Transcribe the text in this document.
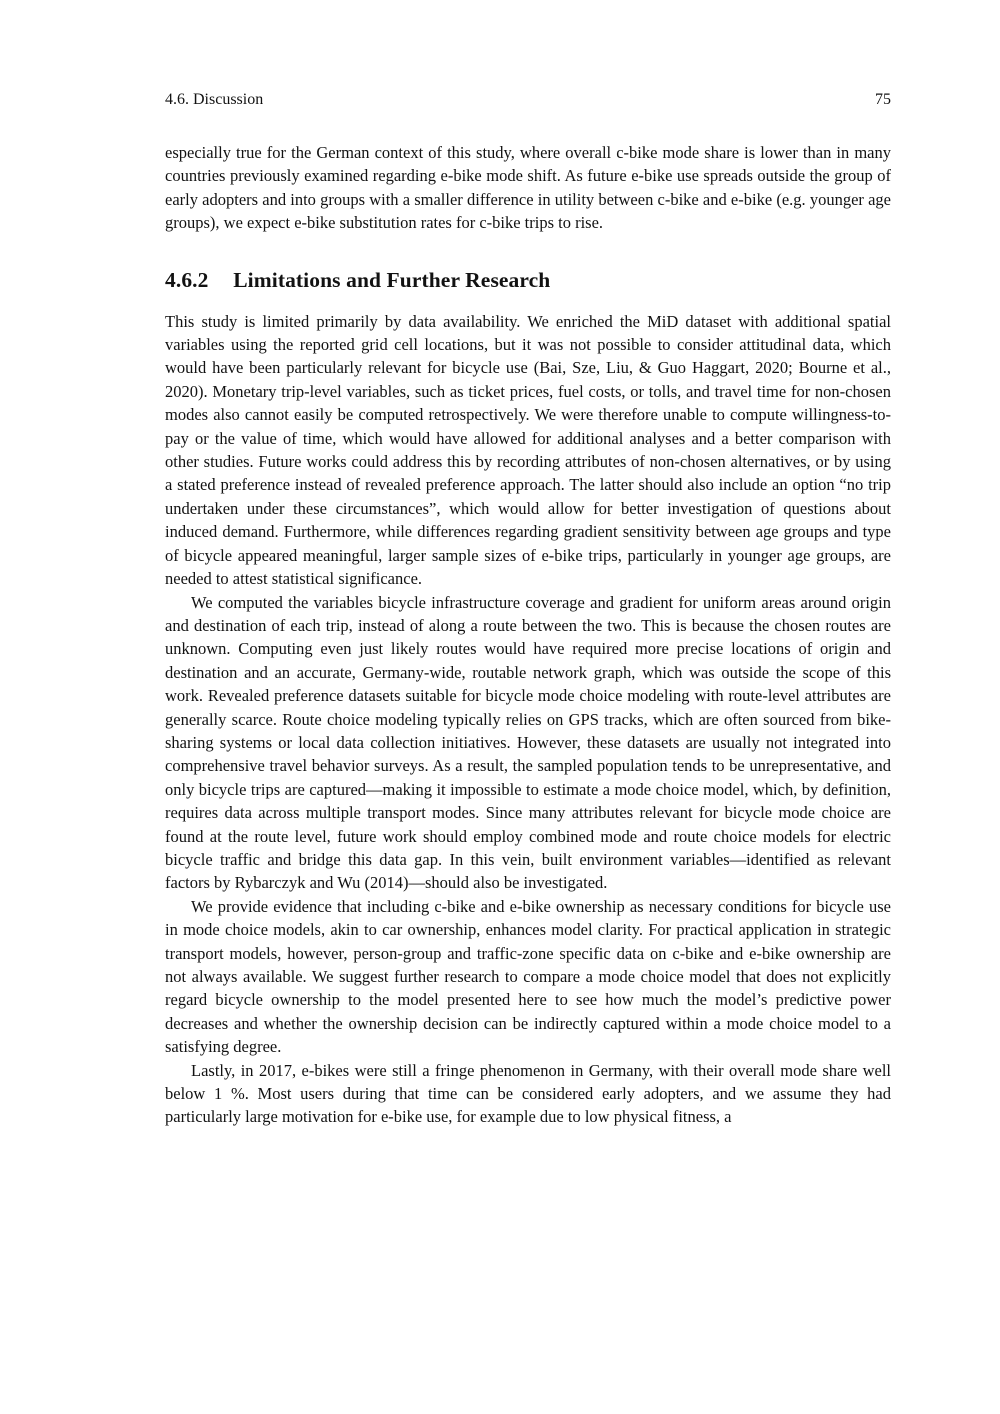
4.6. Discussion	75

especially true for the German context of this study, where overall c-bike mode share is lower than in many countries previously examined regarding e-bike mode shift. As future e-bike use spreads outside the group of early adopters and into groups with a smaller difference in utility between c-bike and e-bike (e.g. younger age groups), we expect e-bike substitution rates for c-bike trips to rise.

4.6.2 Limitations and Further Research

This study is limited primarily by data availability. We enriched the MiD dataset with additional spatial variables using the reported grid cell locations, but it was not possible to consider attitudinal data, which would have been particularly relevant for bicycle use (Bai, Sze, Liu, & Guo Haggart, 2020; Bourne et al., 2020). Monetary trip-level variables, such as ticket prices, fuel costs, or tolls, and travel time for non-chosen modes also cannot easily be computed retrospectively. We were therefore unable to compute willingness-to-pay or the value of time, which would have allowed for additional analyses and a better comparison with other studies. Future works could address this by recording attributes of non-chosen alternatives, or by using a stated preference instead of revealed preference approach. The latter should also include an option “no trip undertaken under these circumstances”, which would allow for better investigation of questions about induced demand. Furthermore, while differences regarding gradient sensitivity between age groups and type of bicycle appeared meaningful, larger sample sizes of e-bike trips, particularly in younger age groups, are needed to attest statistical significance.

We computed the variables bicycle infrastructure coverage and gradient for uniform areas around origin and destination of each trip, instead of along a route between the two. This is because the chosen routes are unknown. Computing even just likely routes would have required more precise locations of origin and destination and an accurate, Germany-wide, routable network graph, which was outside the scope of this work. Revealed preference datasets suitable for bicycle mode choice modeling with route-level attributes are generally scarce. Route choice modeling typically relies on GPS tracks, which are often sourced from bike-sharing systems or local data collection initiatives. However, these datasets are usually not integrated into comprehensive travel behavior surveys. As a result, the sampled population tends to be unrepresentative, and only bicycle trips are captured—making it impossible to estimate a mode choice model, which, by definition, requires data across multiple transport modes. Since many attributes relevant for bicycle mode choice are found at the route level, future work should employ combined mode and route choice models for electric bicycle traffic and bridge this data gap. In this vein, built environment variables—identified as relevant factors by Rybarczyk and Wu (2014)—should also be investigated.

We provide evidence that including c-bike and e-bike ownership as necessary conditions for bicycle use in mode choice models, akin to car ownership, enhances model clarity. For practical application in strategic transport models, however, person-group and traffic-zone specific data on c-bike and e-bike ownership are not always available. We suggest further research to compare a mode choice model that does not explicitly regard bicycle ownership to the model presented here to see how much the model’s predictive power decreases and whether the ownership decision can be indirectly captured within a mode choice model to a satisfying degree.

Lastly, in 2017, e-bikes were still a fringe phenomenon in Germany, with their overall mode share well below 1 %. Most users during that time can be considered early adopters, and we assume they had particularly large motivation for e-bike use, for example due to low physical fitness, a
